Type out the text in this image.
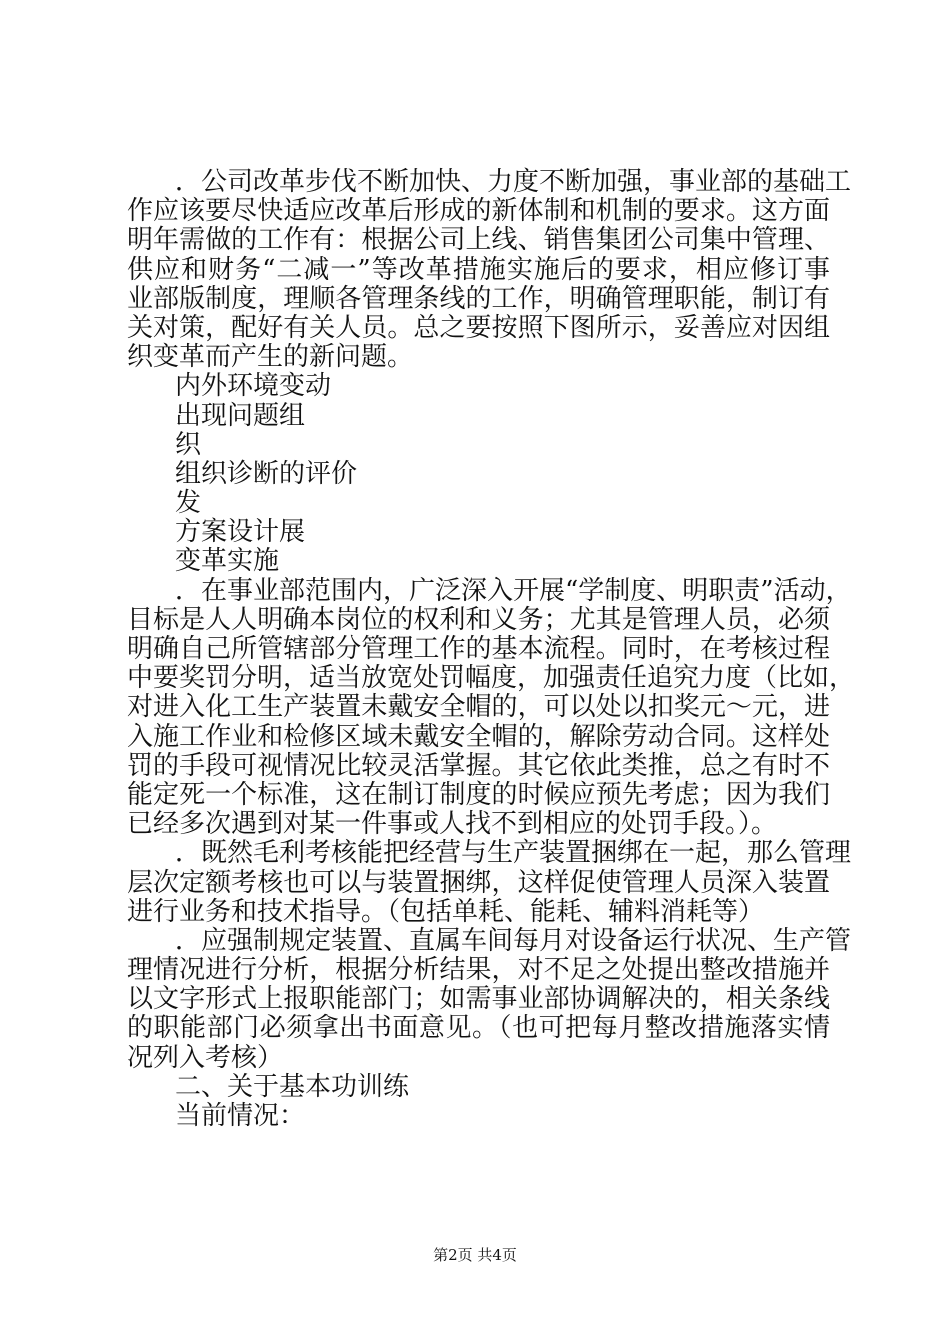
．公司改革步伐不断加快、力度不断加强，事业部的基础工
作应该要尽快适应改革后形成的新体制和机制的要求。这方面
明年需做的工作有：根据公司上线、销售集团公司集中管理、
供应和财务“二减一”等改革措施实施后的要求，相应修订事
业部版制度，理顺各管理条线的工作，明确管理职能，制订有
关对策，配好有关人员。总之要按照下图所示，妥善应对因组
织变革而产生的新问题。
内外环境变动
出现问题组
织
组织诊断的评价
发
方案设计展
变革实施
．在事业部范围内，广泛深入开展“学制度、明职责”活动，
目标是人人明确本岗位的权利和义务；尤其是管理人员，必须
明确自己所管辖部分管理工作的基本流程。同时，在考核过程
中要奖罚分明，适当放宽处罚幅度，加强责任追究力度（比如，
对进入化工生产装置未戴安全帽的，可以处以扣奖元～元，进
入施工作业和检修区域未戴安全帽的，解除劳动合同。这样处
罚的手段可视情况比较灵活掌握。其它依此类推，总之有时不
能定死一个标准，这在制订制度的时候应预先考虑；因为我们
已经多次遇到对某一件事或人找不到相应的处罚手段。）。
．既然毛利考核能把经营与生产装置捆绑在一起，那么管理
层次定额考核也可以与装置捆绑，这样促使管理人员深入装置
进行业务和技术指导。（包括单耗、能耗、辅料消耗等）
．应强制规定装置、直属车间每月对设备运行状况、生产管
理情况进行分析，根据分析结果，对不足之处提出整改措施并
以文字形式上报职能部门；如需事业部协调解决的，相关条线
的职能部门必须拿出书面意见。（也可把每月整改措施落实情
况列入考核）
二、关于基本功训练
当前情况：
第2页 共4页
